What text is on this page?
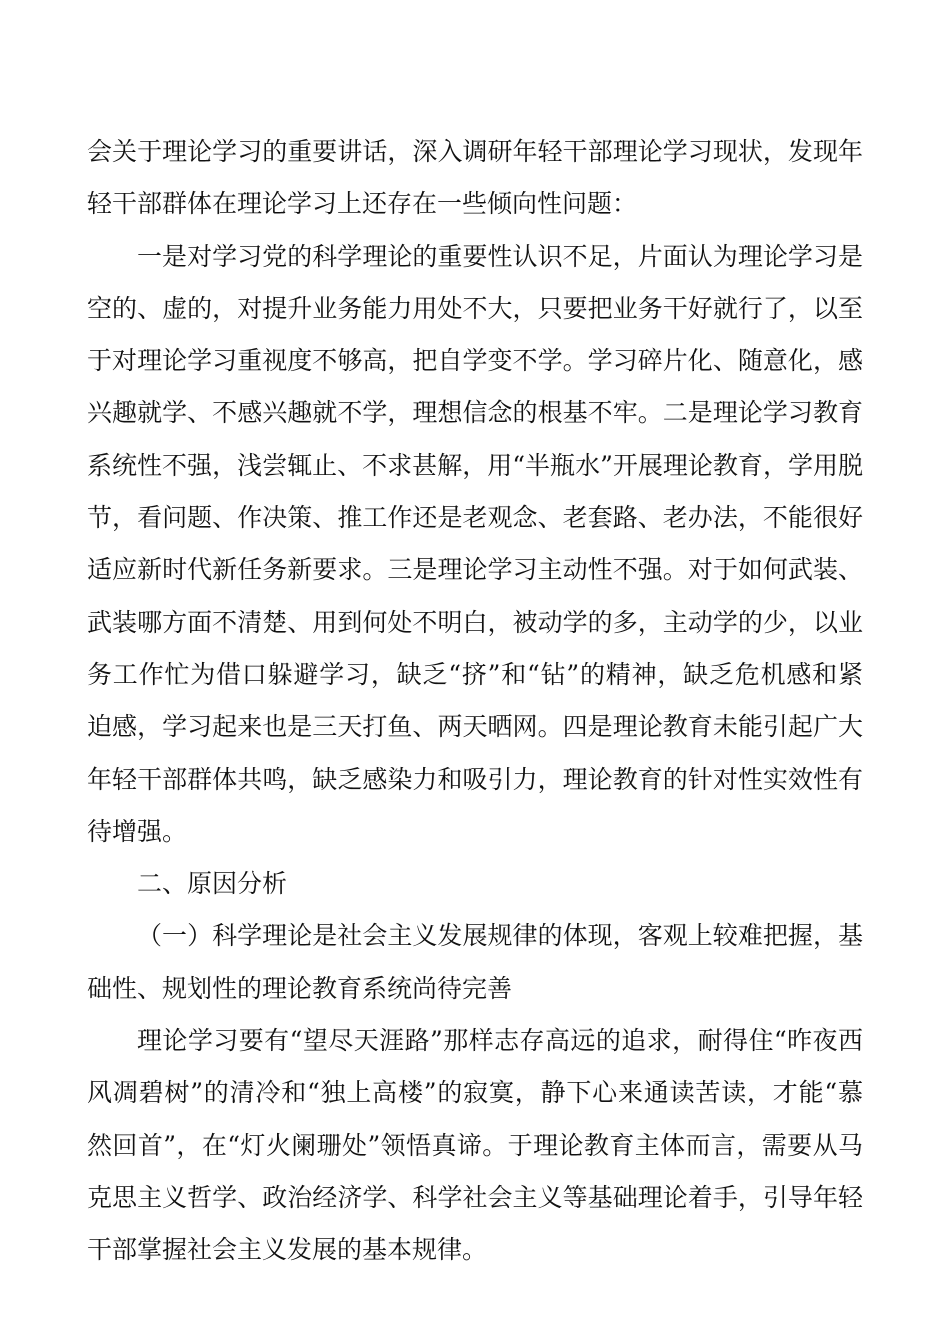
会关于理论学习的重要讲话，深入调研年轻干部理论学习现状，发现年轻干部群体在理论学习上还存在一些倾向性问题：

一是对学习党的科学理论的重要性认识不足，片面认为理论学习是空的、虚的，对提升业务能力用处不大，只要把业务干好就行了，以至于对理论学习重视度不够高，把自学变不学。学习碎片化、随意化，感兴趣就学、不感兴趣就不学，理想信念的根基不牢。二是理论学习教育系统性不强，浅尝辄止、不求甚解，用“半瓶水”开展理论教育，学用脱节，看问题、作决策、推工作还是老观念、老套路、老办法，不能很好适应新时代新任务新要求。三是理论学习主动性不强。对于如何武装、武装哪方面不清楚、用到何处不明白，被动学的多，主动学的少，以业务工作忙为借口躲避学习，缺乏“挤”和“钻”的精神，缺乏危机感和紧迫感，学习起来也是三天打鱼、两天晒网。四是理论教育未能引起广大年轻干部群体共鸣，缺乏感染力和吸引力，理论教育的针对性实效性有待增强。

二、原因分析

（一）科学理论是社会主义发展规律的体现，客观上较难把握，基础性、规划性的理论教育系统尚待完善

理论学习要有“望尽天涯路”那样志存高远的追求，耐得住“昨夜西风凋碧树”的清冷和“独上高楼”的寂寞，静下心来通读苦读，才能“慕然回首”，在“灯火阑珊处”领悟真谛。于理论教育主体而言，需要从马克思主义哲学、政治经济学、科学社会主义等基础理论着手，引导年轻干部掌握社会主义发展的基本规律。
